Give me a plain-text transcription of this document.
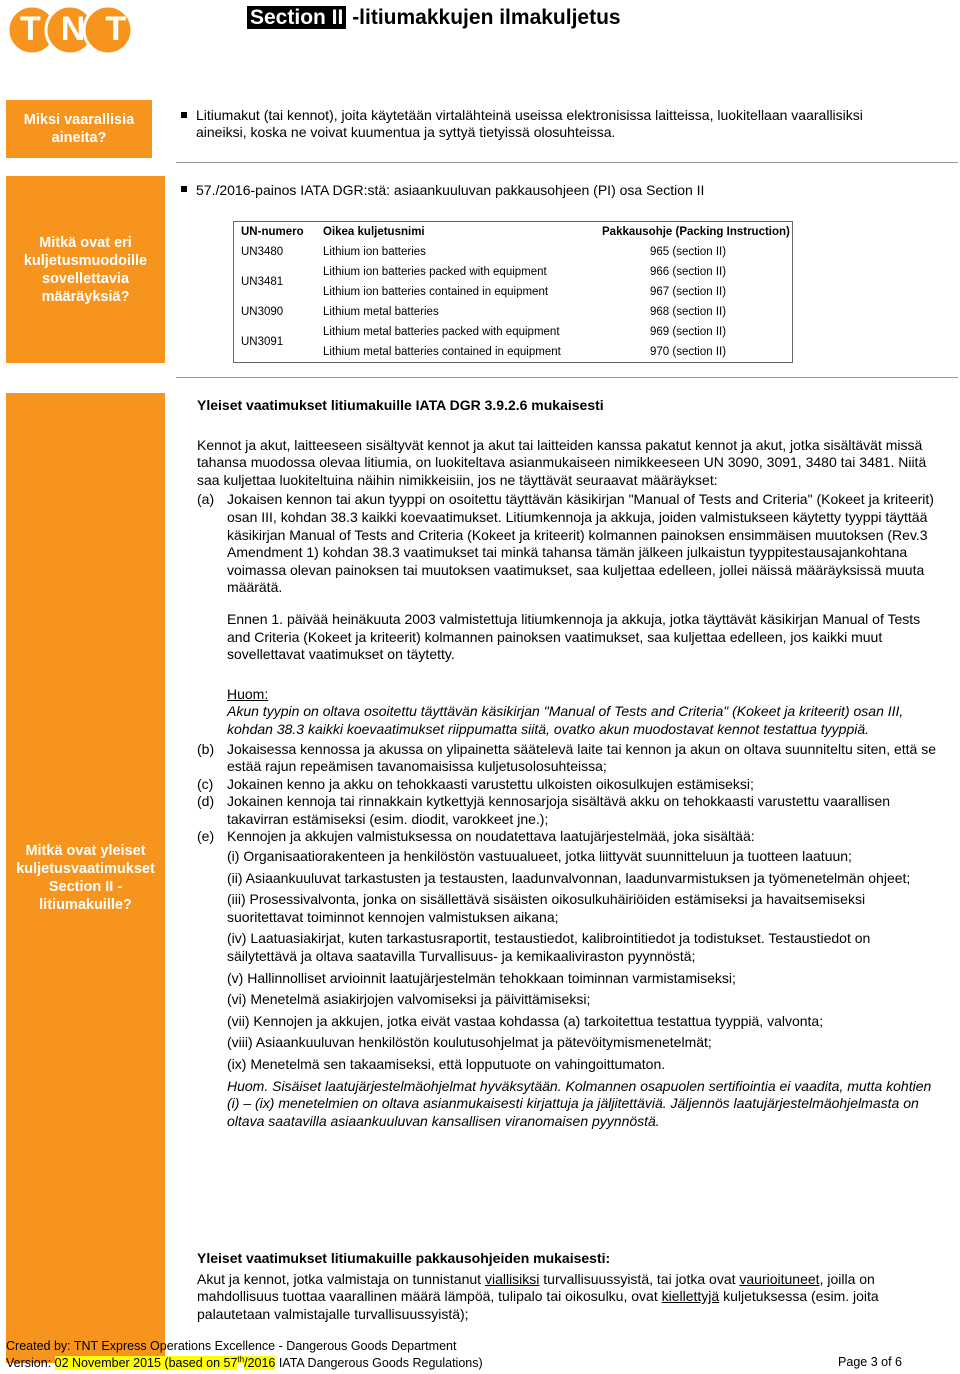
TNT	Section II -litiumakkujen ilmakuljetus
Miksi vaarallisia aineita?
Mitkä ovat eri kuljetusmuodoille sovellettavia määräyksiä?
Mitkä ovat yleiset kuljetusvaatimukset Section II - litiumakuille?
Litiumakut (tai kennot), joita käytetään virtalähteinä useissa elektronisissa laitteissa, luokitellaan vaarallisiksi aineiksi, koska ne voivat kuumentua ja syttyä tietyissä olosuhteissa.
57./2016-painos IATA DGR:stä: asiaankuuluvan pakkausohjeen (PI) osa Section II
UN-numero	Oikea kuljetusnimi	Pakkausohje (Packing Instruction)
UN3480	Lithium ion batteries	965 (section II)
UN3481	Lithium ion batteries packed with equipment	966 (section II)
	Lithium ion batteries contained in equipment	967 (section II)
UN3090	Lithium metal batteries	968 (section II)
UN3091	Lithium metal batteries packed with equipment	969 (section II)
	Lithium metal batteries contained in equipment	970 (section II)

Yleiset vaatimukset litiumakuille IATA DGR 3.9.2.6 mukaisesti

Kennot ja akut, laitteeseen sisältyvät kennot ja akut tai laitteiden kanssa pakatut kennot ja akut, jotka sisältävät missä tahansa muodossa olevaa litiumia, on luokiteltava asianmukaiseen nimikkeeseen UN 3090, 3091, 3480 tai 3481. Niitä saa kuljettaa luokiteltuina näihin nimikkeisiin, jos ne täyttävät seuraavat määräykset:

(a) Jokaisen kennon tai akun tyyppi on osoitettu täyttävän käsikirjan "Manual of Tests and Criteria" (Kokeet ja kriteerit) osan III, kohdan 38.3 kaikki koevaatimukset. Litiumkennoja ja akkuja, joiden valmistukseen käytetty tyyppi täyttää käsikirjan Manual of Tests and Criteria (Kokeet ja kriteerit) kolmannen painoksen ensimmäisen muutoksen (Rev.3 Amendment 1) kohdan 38.3 vaatimukset tai minkä tahansa tämän jälkeen julkaistun tyyppitestausajankohtana voimassa olevan painoksen tai muutoksen vaatimukset, saa kuljettaa edelleen, jollei näissä määräyksissä muuta määrätä.

Ennen 1. päivää heinäkuuta 2003 valmistettuja litiumkennoja ja akkuja, jotka täyttävät käsikirjan Manual of Tests and Criteria (Kokeet ja kriteerit) kolmannen painoksen vaatimukset, saa kuljettaa edelleen, jos kaikki muut sovellettavat vaatimukset on täytetty.

Huom:
Akun tyypin on oltava osoitettu täyttävän käsikirjan "Manual of Tests and Criteria" (Kokeet ja kriteerit) osan III, kohdan 38.3 kaikki koevaatimukset riippumatta siitä, ovatko akun muodostavat kennot testattua tyyppiä.
(b) Jokaisessa kennossa ja akussa on ylipainetta säätelevä laite tai kennon ja akun on oltava suunniteltu siten, että se estää rajun repeämisen tavanomaisissa kuljetusolosuhteissa;
(c) Jokainen kenno ja akku on tehokkaasti varustettu ulkoisten oikosulkujen estämiseksi;
(d) Jokainen kennoja tai rinnakkain kytkettyjä kennosarjoja sisältävä akku on tehokkaasti varustettu vaarallisen takavirran estämiseksi (esim. diodit, varokkeet jne.);
(e) Kennojen ja akkujen valmistuksessa on noudatettava laatujärjestelmää, joka sisältää:
(i) Organisaatiorakenteen ja henkilöstön vastuualueet, jotka liittyvät suunnitteluun ja tuotteen laatuun;
(ii) Asiaankuuluvat tarkastusten ja testausten, laadunvalvonnan, laadunvarmistuksen ja työmenetelmän ohjeet;
(iii) Prosessivalvonta, jonka on sisällettävä sisäisten oikosulkuhäiriöiden estämiseksi ja havaitsemiseksi suoritettavat toiminnot kennojen valmistuksen aikana;
(iv) Laatuasiakirjat, kuten tarkastusraportit, testaustiedot, kalibrointitiedot ja todistukset. Testaustiedot on säilytettävä ja oltava saatavilla Turvallisuus- ja kemikaaliviraston pyynnöstä;
(v) Hallinnolliset arvioinnit laatujärjestelmän tehokkaan toiminnan varmistamiseksi;
(vi) Menetelmä asiakirjojen valvomiseksi ja päivittämiseksi;
(vii) Kennojen ja akkujen, jotka eivät vastaa kohdassa (a) tarkoitettua testattua tyyppiä, valvonta;
(viii) Asiaankuuluvan henkilöstön koulutusohjelmat ja pätevöitymismenetelmät;
(ix) Menetelmä sen takaamiseksi, että lopputuote on vahingoittumaton.
Huom. Sisäiset laatujärjestelmäohjelmat hyväksytään. Kolmannen osapuolen sertifiointia ei vaadita, mutta kohtien (i) – (ix) menetelmien on oltava asianmukaisesti kirjattuja ja jäljitettäviä. Jäljennös laatujärjestelmäohjelmasta on oltava saatavilla asiaankuuluvan kansallisen viranomaisen pyynnöstä.

Yleiset vaatimukset litiumakuille pakkausohjeiden mukaisesti:

Akut ja kennot, jotka valmistaja on tunnistanut viallisiksi turvallisuussyistä, tai jotka ovat vaurioituneet, joilla on mahdollisuus tuottaa vaarallinen määrä lämpöä, tulipalo tai oikosulku, ovat kiellettyjä kuljetuksessa (esim. joita palautetaan valmistajalle turvallisuussyistä);

Created by: TNT Express Operations Excellence - Dangerous Goods Department
Version: 02 November 2015 (based on 57th/2016 IATA Dangerous Goods Regulations)	Page 3 of 6
